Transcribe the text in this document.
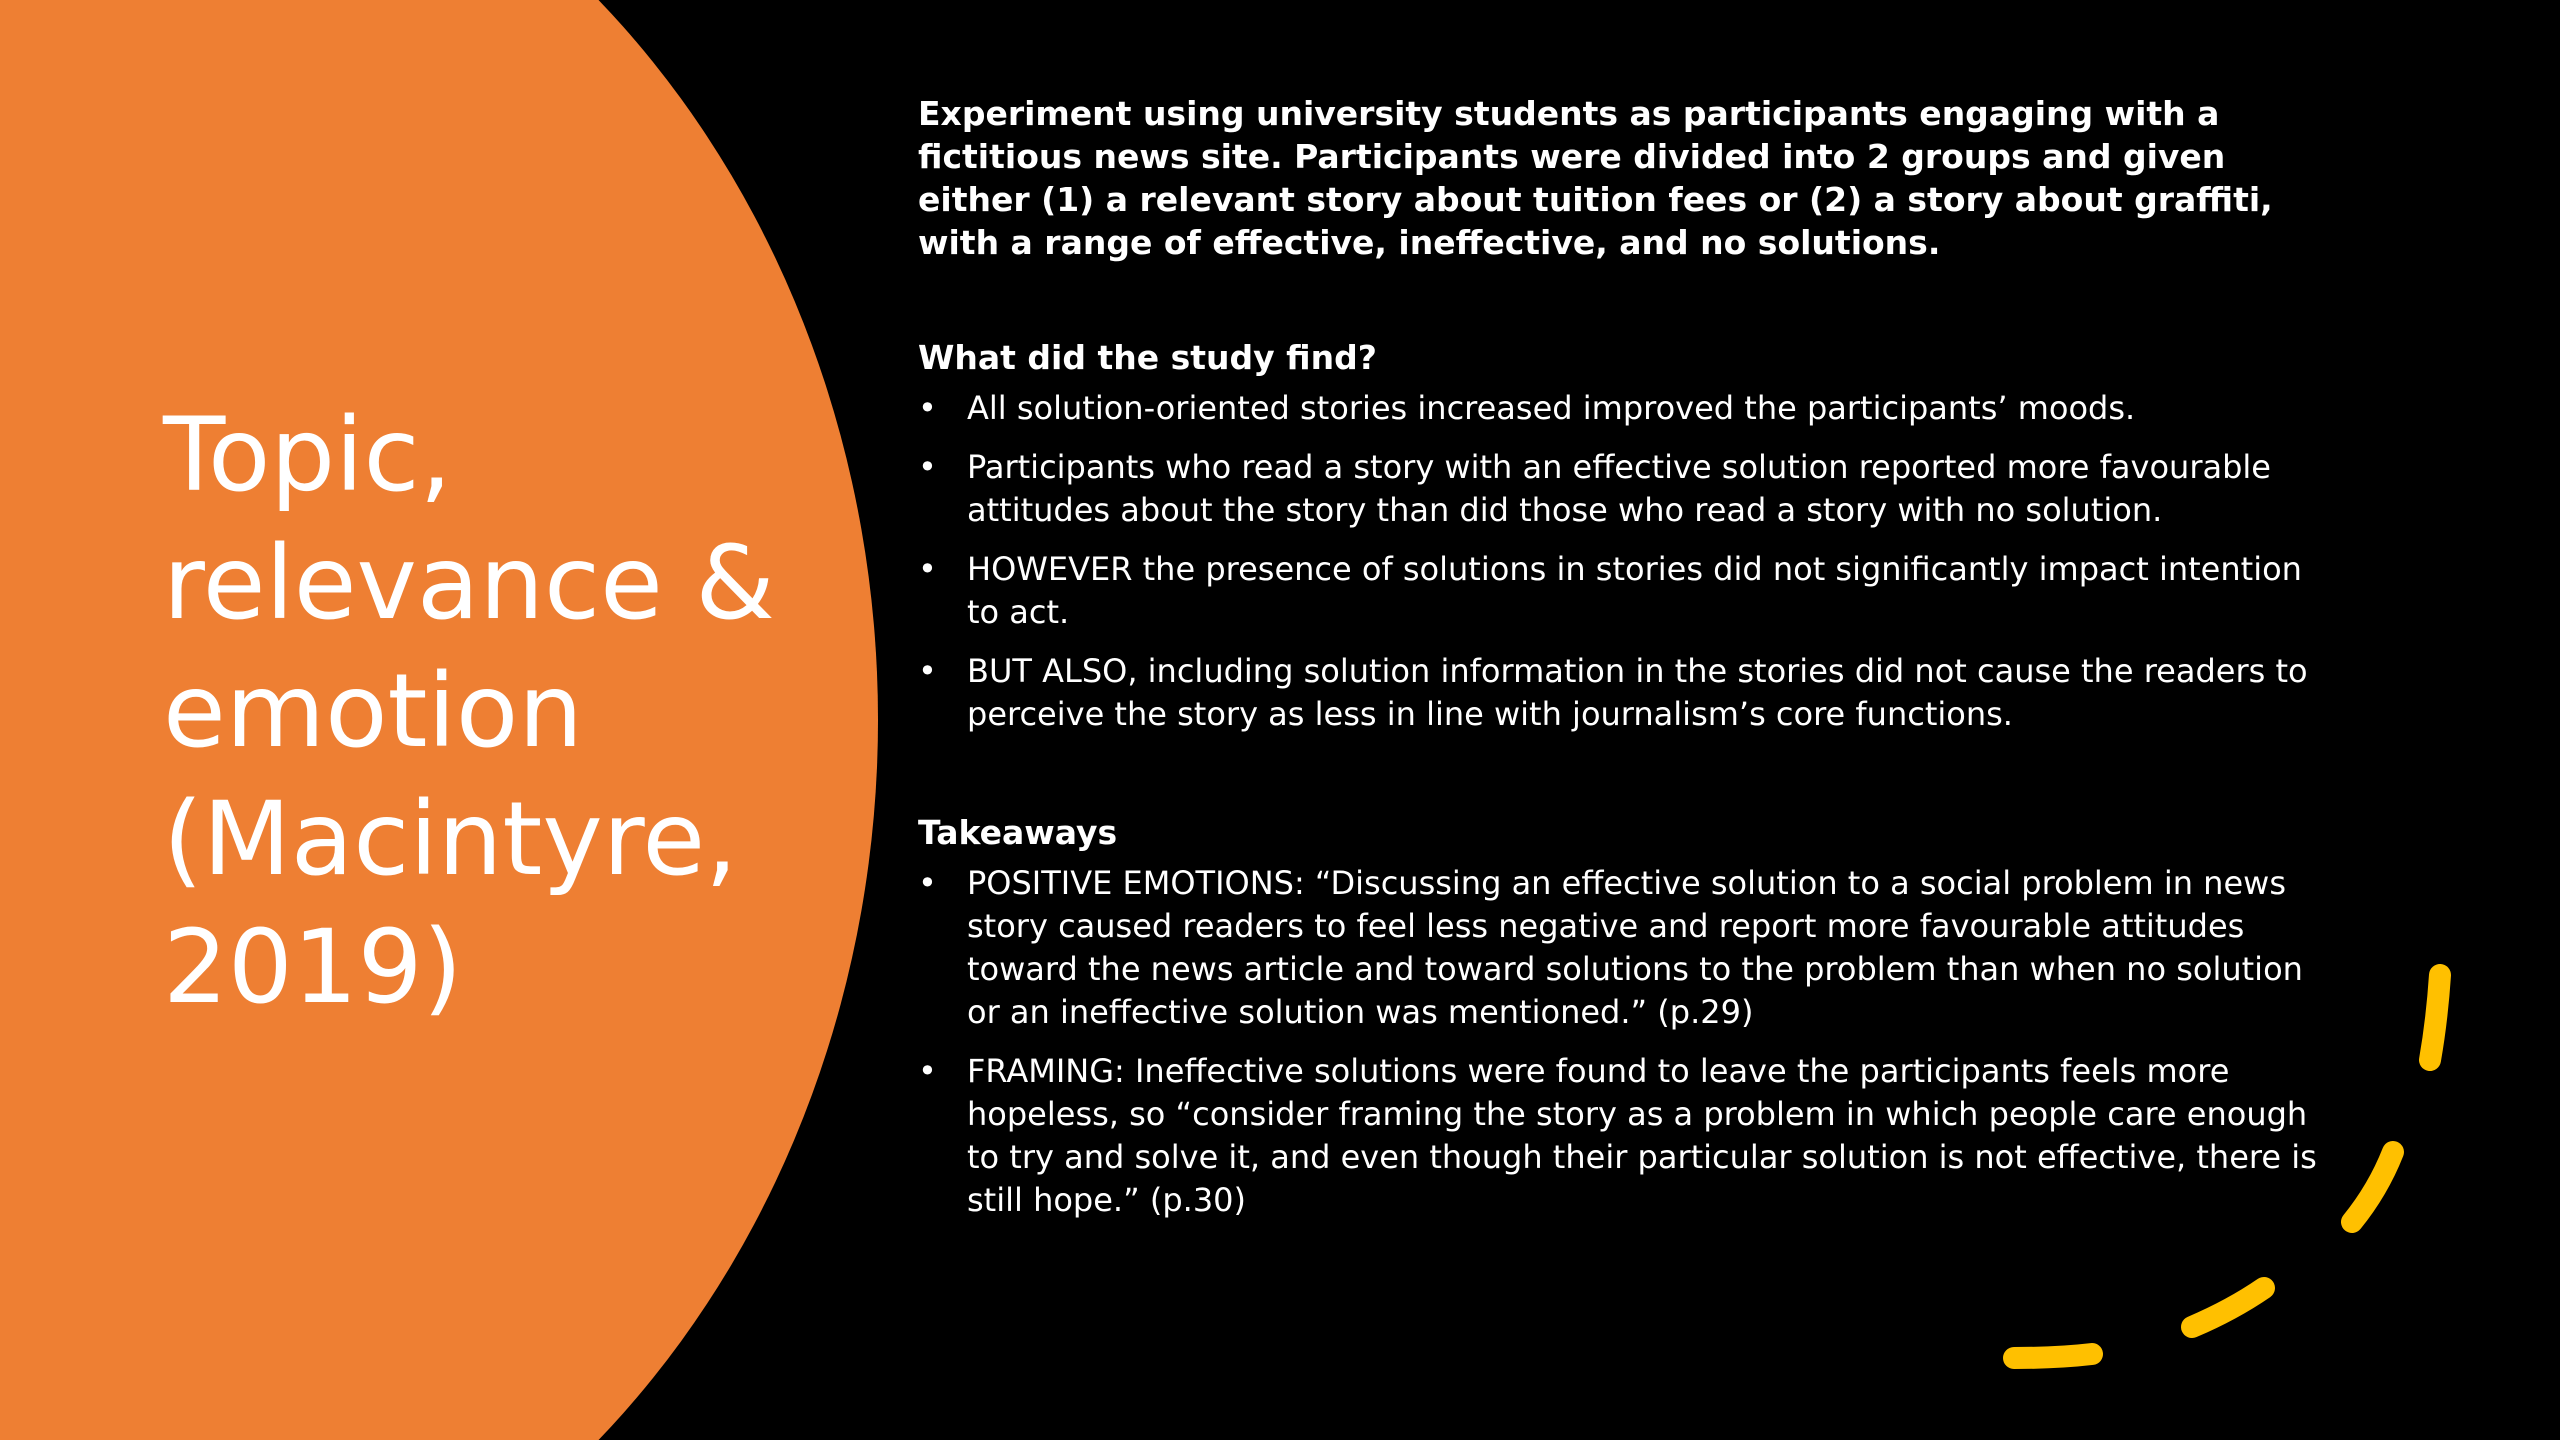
Topic,
relevance &
emotion
(Macintyre,
2019)

Experiment using university students as participants engaging with a fictitious news site. Participants were divided into 2 groups and given either (1) a relevant story about tuition fees or (2) a story about graffiti, with a range of effective, ineffective, and no solutions.

What did the study find?

• All solution-oriented stories increased improved the participants’ moods.
• Participants who read a story with an effective solution reported more favourable attitudes about the story than did those who read a story with no solution.
• HOWEVER the presence of solutions in stories did not significantly impact intention to act.
• BUT ALSO, including solution information in the stories did not cause the readers to perceive the story as less in line with journalism’s core functions.

Takeaways

• POSITIVE EMOTIONS: “Discussing an effective solution to a social problem in news story caused readers to feel less negative and report more favourable attitudes toward the news article and toward solutions to the problem than when no solution or an ineffective solution was mentioned.” (p.29)
• FRAMING: Ineffective solutions were found to leave the participants feels more hopeless, so “consider framing the story as a problem in which people care enough to try and solve it, and even though their particular solution is not effective, there is still hope.” (p.30)
